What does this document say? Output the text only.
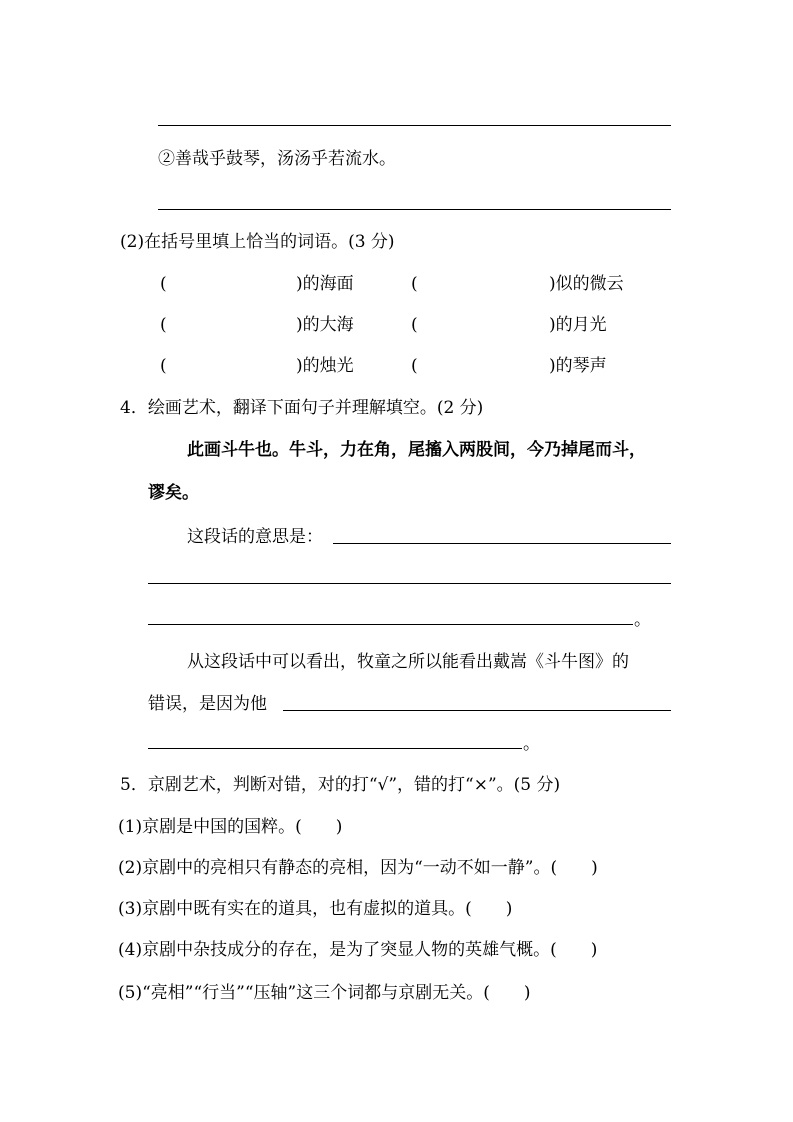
②善哉乎鼓琴，汤汤乎若流水。
(2)在括号里填上恰当的词语。(3 分)
(	)的海面	(	)似的微云
(	)的大海	(	)的月光
(	)的烛光	(	)的琴声
4．绘画艺术，翻译下面句子并理解填空。(2 分)
此画斗牛也。牛斗，力在角，尾搐入两股间，今乃掉尾而斗，
谬矣。
这段话的意思是：
。
从这段话中可以看出，牧童之所以能看出戴嵩《斗牛图》的
错误，是因为他
。
5．京剧艺术，判断对错，对的打“√”，错的打“×”。(5 分)
(1)京剧是中国的国粹。(　　)
(2)京剧中的亮相只有静态的亮相，因为“一动不如一静”。(　　)
(3)京剧中既有实在的道具，也有虚拟的道具。(　　)
(4)京剧中杂技成分的存在，是为了突显人物的英雄气概。(　　)
(5)“亮相”“行当”“压轴”这三个词都与京剧无关。(　　)
